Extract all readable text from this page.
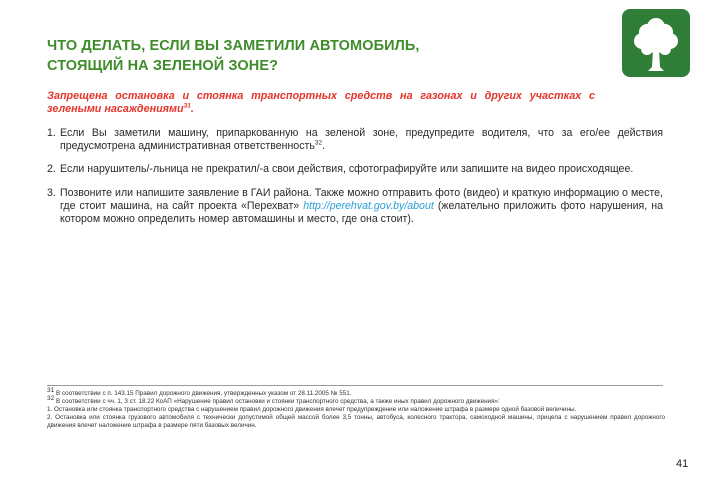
ЧТО ДЕЛАТЬ, ЕСЛИ ВЫ ЗАМЕТИЛИ АВТОМОБИЛЬ,
СТОЯЩИЙ НА ЗЕЛЕНОЙ ЗОНЕ?
Запрещена остановка и стоянка транспортных средств на газонах и других участках с зелеными насаждениями$^{31}$.
1. Если Вы заметили машину, припаркованную на зеленой зоне, предупредите водителя, что за его/ее действия предусмотрена административная ответственность$^{32}$.
2. Если нарушитель/-льница не прекратил/-а свои действия, сфотографируйте или запишите на видео происходящее.
3. Позвоните или напишите заявление в ГАИ района. Также можно отправить фото (видео) и краткую информацию о месте, где стоит машина, на сайт проекта «Перехват» http://perehvat.gov.by/about (желательно приложить фото нарушения, на котором можно определить номер автомашины и место, где она стоит).
$^{31}$ В соответствии с п. 143.15 Правил дорожного движения, утвержденных указом от 28.11.2005 № 551.
$^{32}$ В соответствии с чч. 1, 3 ст. 18.22 КоАП «Нарушение правил остановки и стоянки транспортного средства, а также иных правил дорожного движения»:
1. Остановка или стоянка транспортного средства с нарушением правил дорожного движения влечет предупреждение или наложение штрафа в размере одной базовой величины.
2. Остановка или стоянка грузового автомобиля с технически допустимой общей массой более 3,5 тонны, автобуса, колесного трактора, самоходной машины, прицепа с нарушением правил дорожного движения влечет наложение штрафа в размере пяти базовых величин.
41
